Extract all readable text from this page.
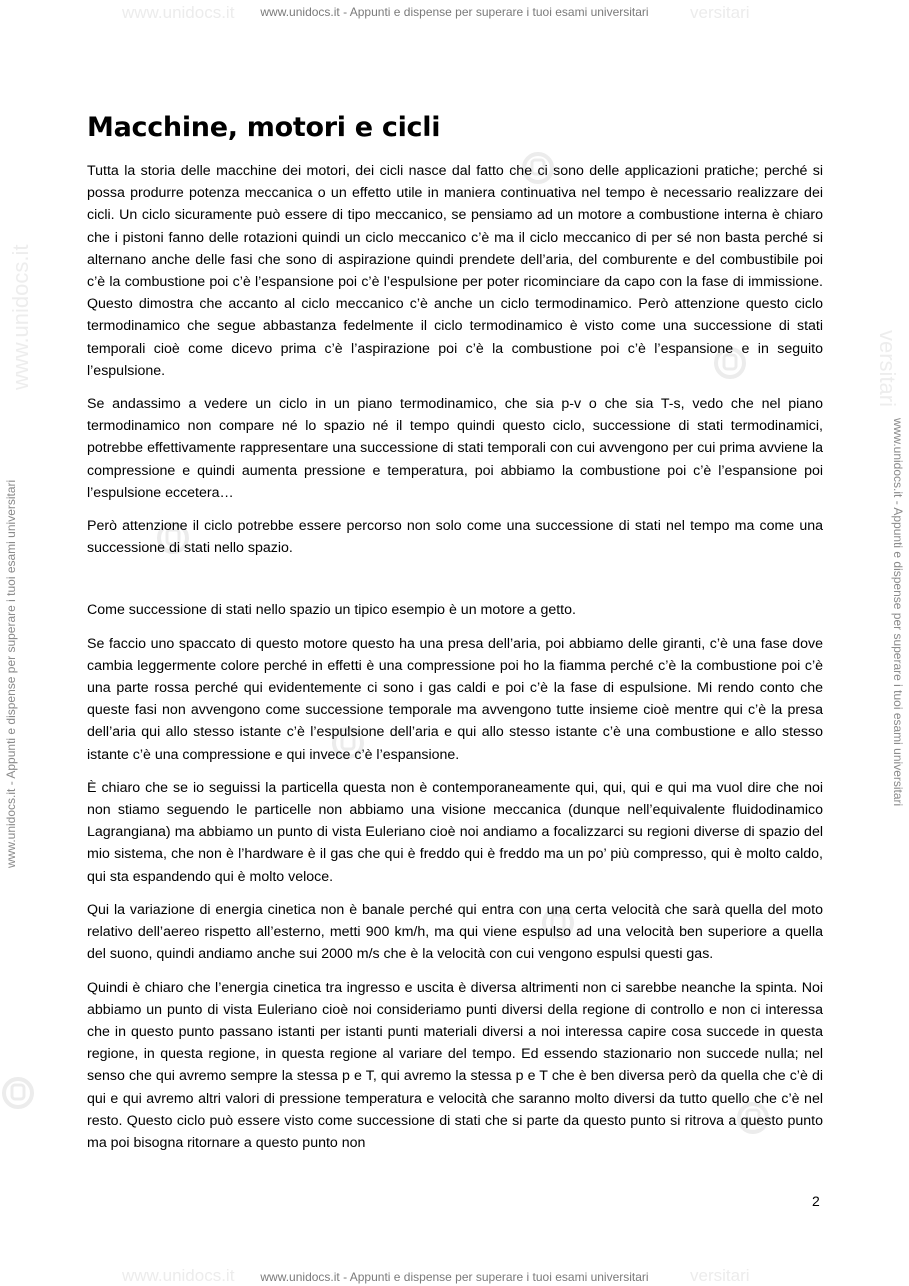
www.unidocs.it	versitari
www.unidocs.it	versitari
www.unidocs.it	versitari
www.unidocs.it - Appunti e dispense per superare i tuoi esami universitari
www.unidocs.it - Appunti e dispense per superare i tuoi esami universitari
www.unidocs.it - Appunti e dispense per superare i tuoi esami universitari	www.unidocs.it - Appunti e dispense per superare i tuoi esami universitari
Macchine, motori e cicli

Tutta la storia delle macchine dei motori, dei cicli nasce dal fatto che ci sono delle applicazioni pratiche; perché si possa produrre potenza meccanica o un effetto utile in maniera continuativa nel tempo è necessario realizzare dei cicli. Un ciclo sicuramente può essere di tipo meccanico, se pensiamo ad un motore a combustione interna è chiaro che i pistoni fanno delle rotazioni quindi un ciclo meccanico c’è ma il ciclo meccanico di per sé non basta perché si alternano anche delle fasi che sono di aspirazione quindi prendete dell’aria, del comburente e del combustibile poi c’è la combustione poi c’è l’espansione poi c’è l’espulsione per poter ricominciare da capo con la fase di immissione. Questo dimostra che accanto al ciclo meccanico c’è anche un ciclo termodinamico. Però attenzione questo ciclo termodinamico che segue abbastanza fedelmente il ciclo termodinamico è visto come una successione di stati temporali cioè come dicevo prima c’è l’aspirazione poi c’è la combustione poi c’è l’espansione e in seguito l’espulsione.

Se andassimo a vedere un ciclo in un piano termodinamico, che sia p-v o che sia T-s, vedo che nel piano termodinamico non compare né lo spazio né il tempo quindi questo ciclo, successione di stati termodinamici, potrebbe effettivamente rappresentare una successione di stati temporali con cui avvengono per cui prima avviene la compressione e quindi aumenta pressione e temperatura, poi abbiamo la combustione poi c’è l’espansione poi l’espulsione eccetera…

Però attenzione il ciclo potrebbe essere percorso non solo come una successione di stati nel tempo ma come una successione di stati nello spazio.

Come successione di stati nello spazio un tipico esempio è un motore a getto.

Se faccio uno spaccato di questo motore questo ha una presa dell’aria, poi abbiamo delle giranti, c’è una fase dove cambia leggermente colore perché in effetti è una compressione poi ho la fiamma perché c’è la combustione poi c’è una parte rossa perché qui evidentemente ci sono i gas caldi e poi c’è la fase di espulsione. Mi rendo conto che queste fasi non avvengono come successione temporale ma avvengono tutte insieme cioè mentre qui c’è la presa dell’aria qui allo stesso istante c’è l’espulsione dell’aria e qui allo stesso istante c’è una combustione e allo stesso istante c’è una compressione e qui invece c’è l’espansione.

È chiaro che se io seguissi la particella questa non è contemporaneamente qui, qui, qui e qui ma vuol dire che noi non stiamo seguendo le particelle non abbiamo una visione meccanica (dunque nell’equivalente fluidodinamico Lagrangiana) ma abbiamo un punto di vista Euleriano cioè noi andiamo a focalizzarci su regioni diverse di spazio del mio sistema, che non è l’hardware è il gas che qui è freddo qui è freddo ma un po’ più compresso, qui è molto caldo, qui sta espandendo qui è molto veloce.

Qui la variazione di energia cinetica non è banale perché qui entra con una certa velocità che sarà quella del moto relativo dell’aereo rispetto all’esterno, metti 900 km/h, ma qui viene espulso ad una velocità ben superiore a quella del suono, quindi andiamo anche sui 2000 m/s che è la velocità con cui vengono espulsi questi gas.

Quindi è chiaro che l’energia cinetica tra ingresso e uscita è diversa altrimenti non ci sarebbe neanche la spinta. Noi abbiamo un punto di vista Euleriano cioè noi consideriamo punti diversi della regione di controllo e non ci interessa che in questo punto passano istanti per istanti punti materiali diversi a noi interessa capire cosa succede in questa regione, in questa regione, in questa regione al variare del tempo. Ed essendo stazionario non succede nulla; nel senso che qui avremo sempre la stessa p e T, qui avremo la stessa p e T che è ben diversa però da quella che c’è di qui e qui avremo altri valori di pressione temperatura e velocità che saranno molto diversi da tutto quello che c’è nel resto. Questo ciclo può essere visto come successione di stati che si parte da questo punto si ritrova a questo punto ma poi bisogna ritornare a questo punto non

2
